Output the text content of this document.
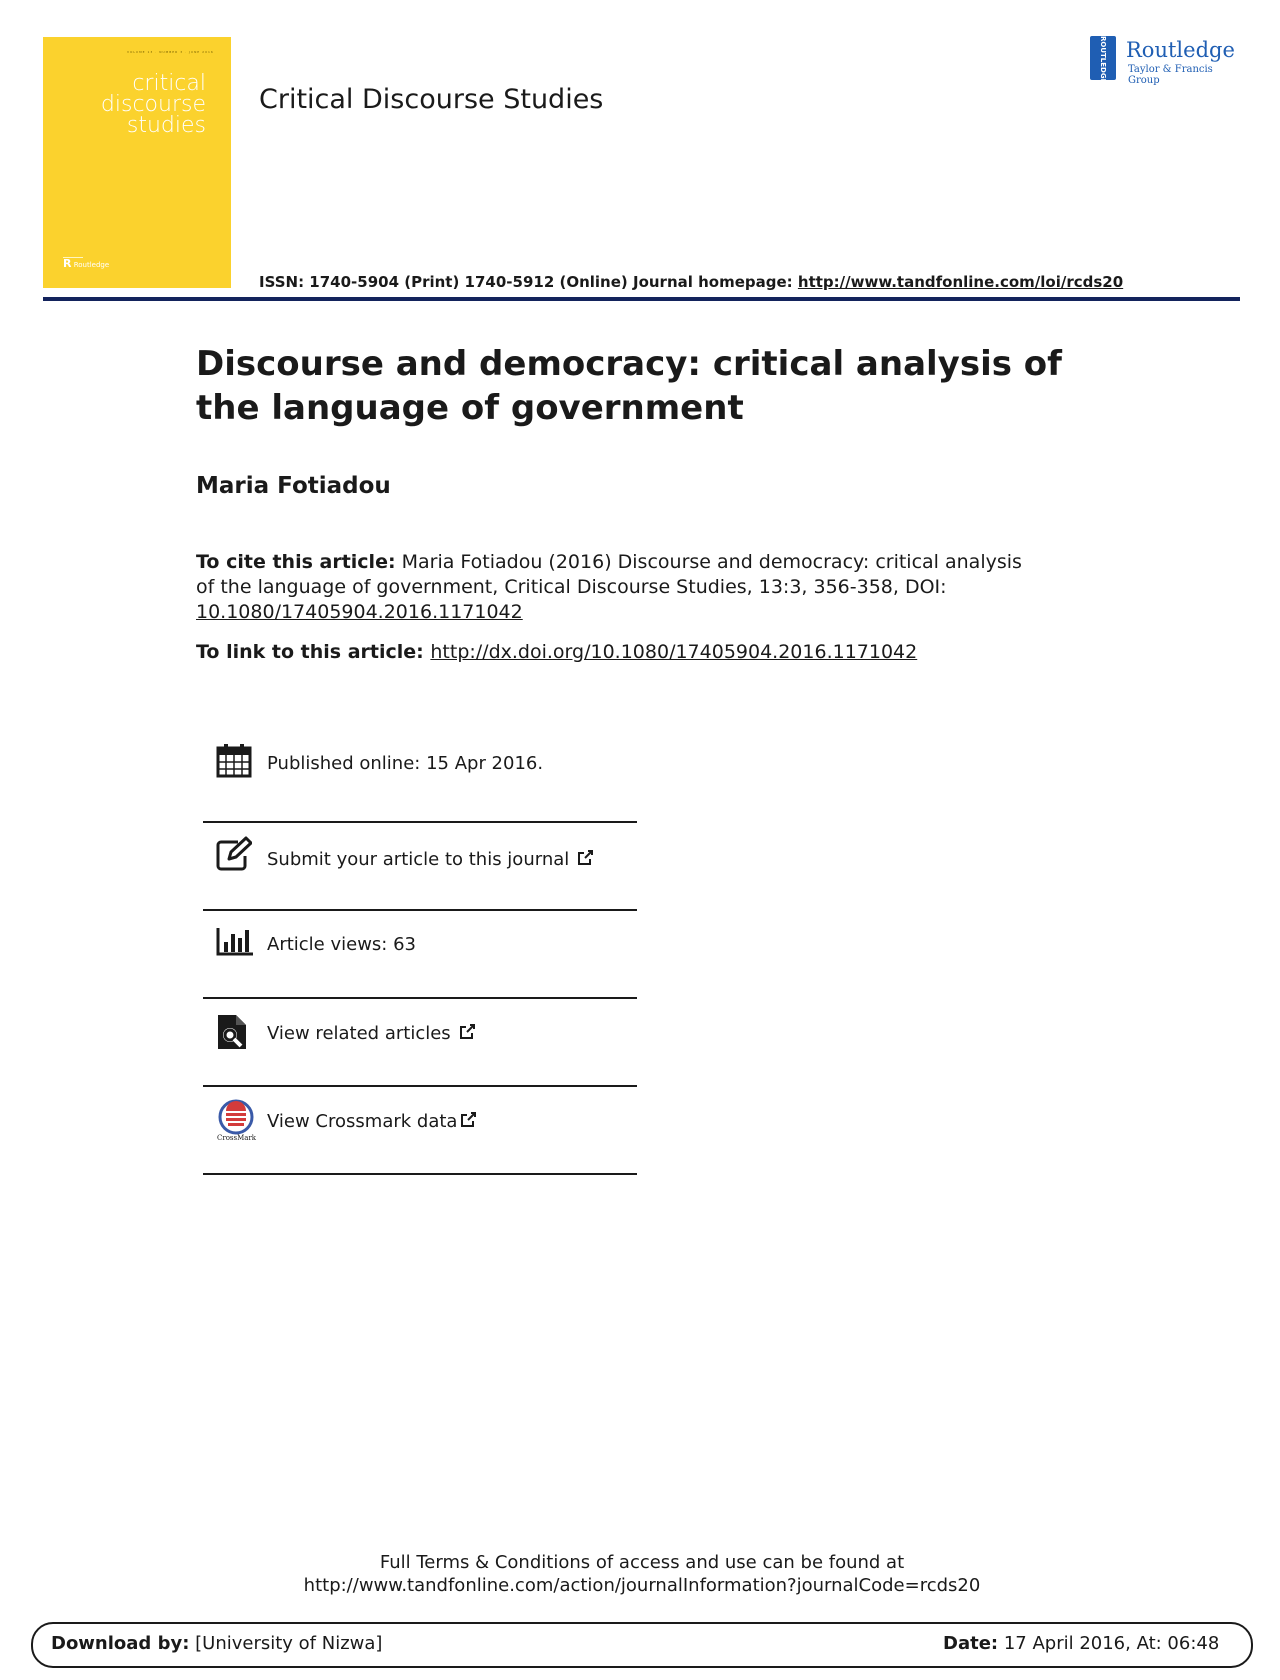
VOLUME 13 · NUMBER 3 · JUNE 2016
critical
discourse
studies
R Routledge
Critical Discourse Studies
ROUTLEDGE Routledge
Taylor & Francis Group
ISSN: 1740-5904 (Print) 1740-5912 (Online) Journal homepage: http://www.tandfonline.com/loi/rcds20
Discourse and democracy: critical analysis of the language of government
Maria Fotiadou
To cite this article: Maria Fotiadou (2016) Discourse and democracy: critical analysis of the language of government, Critical Discourse Studies, 13:3, 356-358, DOI: 10.1080/17405904.2016.1171042
To link to this article: http://dx.doi.org/10.1080/17405904.2016.1171042
Published online: 15 Apr 2016.
Submit your article to this journal
Article views: 63
View related articles
CrossMark
View Crossmark data
Full Terms & Conditions of access and use can be found at
http://www.tandfonline.com/action/journalInformation?journalCode=rcds20
Download by: [University of Nizwa]	Date: 17 April 2016, At: 06:48
